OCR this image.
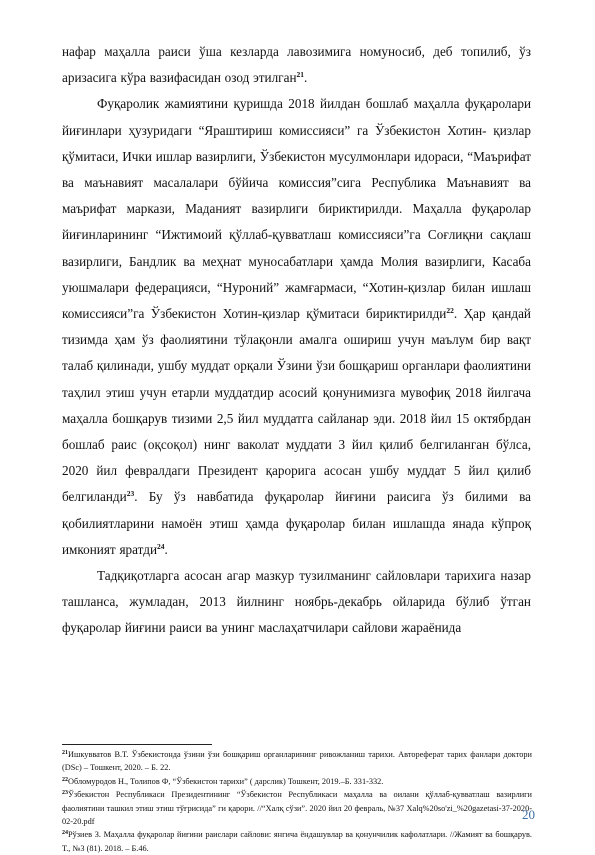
нафар маҳалла раиси ўша кезларда лавозимига номуносиб, деб топилиб, ўз аризасига кўра вазифасидан озод этилган$^{21}$.

Фуқаролик жамиятини қуришда 2018 йилдан бошлаб маҳалла фуқаролари йиғинлари ҳузуридаги “Яраштириш комиссияси” га Ўзбекистон Хотин- қизлар қўмитаси, Ички ишлар вазирлиги, Ўзбекистон мусулмонлари идораси, “Маърифат ва маънавият масалалари бўйича комиссия”сига Республика Маънавият ва маърифат маркази, Маданият вазирлиги бириктирилди. Маҳалла фуқаролар йиғинларининг “Ижтимоий қўллаб-қувватлаш комиссияси”га Соғлиқни сақлаш вазирлиги, Бандлик ва меҳнат муносабатлари ҳамда Молия вазирлиги, Касаба уюшмалари федерацияси, “Нуроний” жамғармаси, “Хотин-қизлар билан ишлаш комиссияси”га Ўзбекистон Хотин-қизлар қўмитаси бириктирилди$^{22}$. Ҳар қандай тизимда ҳам ўз фаолиятини тўлақонли амалга ошириш учун маълум бир вақт талаб қилинади, ушбу муддат орқали Ўзини ўзи бошқариш органлари фаолиятини таҳлил этиш учун етарли муддатдир асосий қонунимизга мувофиқ 2018 йилгача маҳалла бошқарув тизими 2,5 йил муддатга сайланар эди. 2018 йил 15 октябрдан бошлаб раис (оқсоқол) нинг ваколат муддати 3 йил қилиб белгиланган бўлса, 2020 йил февралдаги Президент қарорига асосан ушбу муддат 5 йил қилиб белгиланди$^{23}$. Бу ўз навбатида фуқаролар йиғини раисига ўз билими ва қобилиятларини намоён этиш ҳамда фуқаролар билан ишлашда янада кўпроқ имконият яратди$^{24}$.

Тадқиқотларга асосан агар мазкур тузилманинг сайловлари тарихига назар ташланса, жумладан, 2013 йилнинг ноябрь-декабрь ойларида бўлиб ўтган фуқаролар йиғини раиси ва унинг маслаҳатчилари сайлови жараёнида

$^{21}$Ишкувватов В.Т. Ўзбекистонда ўзини ўзи бошқариш органларининг ривожланиш тарихи. Автореферат тарих фанлари доктори (DSc) – Тошкент, 2020. – Б. 22.

$^{22}$Обломуродов Н., Толипов Ф, “Ўзбекистон тарихи” ( дарслик) Тошкент, 2019.–Б. 331-332.

$^{23}$Ўзбекистон Республикаси Президентининг “Ўзбекистон Республикаси маҳалла ва оилани қўллаб-қувватлаш вазирлиги фаолиятини ташкил этиш этиш тўғрисида” ги қарори. //“Халқ сўзи”. 2020 йил 20 февраль, №37 Xalq%20so'zi_%20gazetasi-37-2020-02-20.pdf

$^{24}$Рўзиев З. Маҳалла фуқаролар йиғини раислари сайлови: янгича ёндашувлар ва қонунчилик кафолатлари. //Жамият ва бошқарув. Т., №3 (81). 2018. – Б.46.

20
